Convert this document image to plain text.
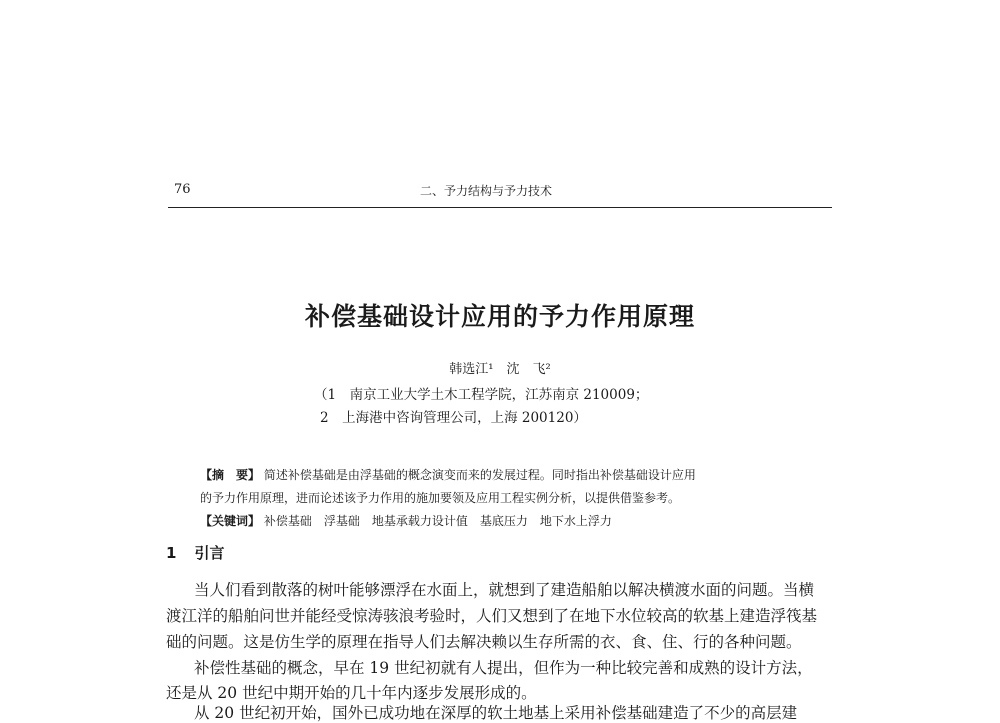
76	二、予力结构与予力技术
补偿基础设计应用的予力作用原理
韩选江¹　沈　飞²
（1　南京工业大学土木工程学院，江苏南京 210009；
2　上海港中咨询管理公司，上海 200120）
【摘　要】 简述补偿基础是由浮基础的概念演变而来的发展过程。同时指出补偿基础设计应用
的予力作用原理，进而论述该予力作用的施加要领及应用工程实例分析，以提供借鉴参考。
【关键词】 补偿基础　浮基础　地基承载力设计值　基底压力　地下水上浮力
1 引言
当人们看到散落的树叶能够漂浮在水面上，就想到了建造船舶以解决横渡水面的问题。当横
渡江洋的船舶问世并能经受惊涛骇浪考验时，人们又想到了在地下水位较高的软基上建造浮筏基
础的问题。这是仿生学的原理在指导人们去解决赖以生存所需的衣、食、住、行的各种问题。
补偿性基础的概念，早在 19 世纪初就有人提出，但作为一种比较完善和成熟的设计方法，
还是从 20 世纪中期开始的几十年内逐步发展形成的。
从 20 世纪初开始，国外已成功地在深厚的软土地基上采用补偿基础建造了不少的高层建
